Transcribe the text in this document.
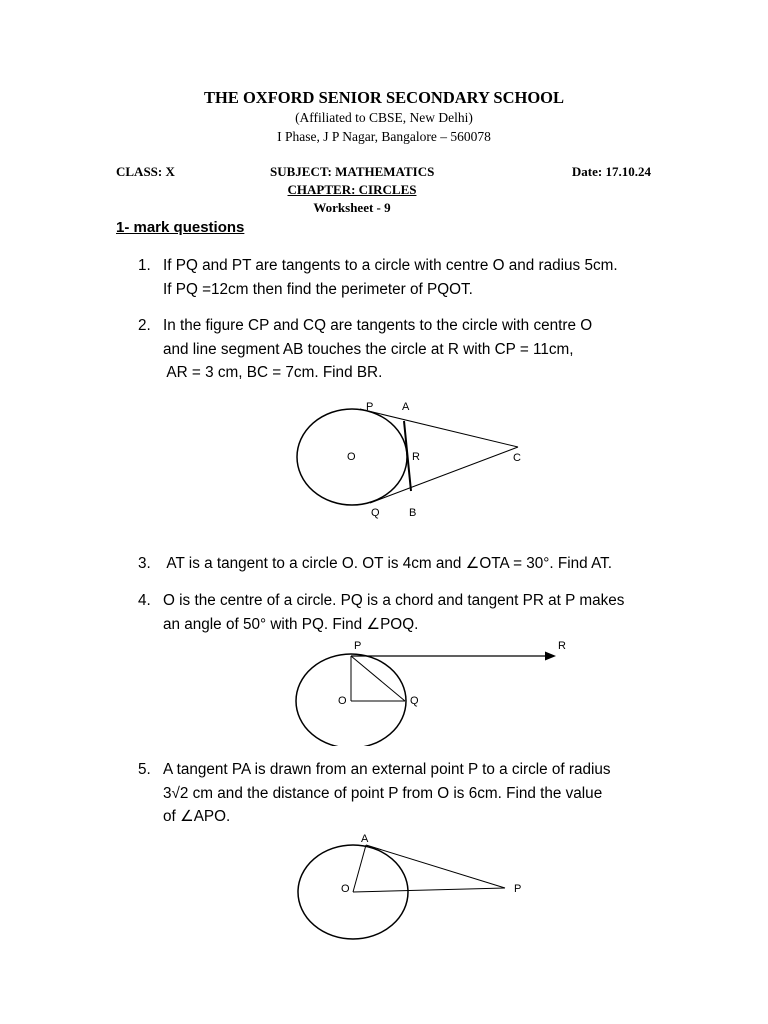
THE OXFORD SENIOR SECONDARY SCHOOL
(Affiliated to CBSE, New Delhi)
I Phase, J P Nagar, Bangalore – 560078
CLASS: X	SUBJECT: MATHEMATICS	Date: 17.10.24
CHAPTER: CIRCLES
Worksheet - 9
1- mark questions
1. If PQ and PT are tangents to a circle with centre O and radius 5cm.
If PQ =12cm then find the perimeter of PQOT.
2. In the figure CP and CQ are tangents to the circle with centre O
and line segment AB touches the circle at R with CP = 11cm,
AR = 3 cm, BC = 7cm. Find BR.
P	A
O	R	C
Q	B
3. AT is a tangent to a circle O. OT is 4cm and ∠OTA = 30°. Find AT.
4. O is the centre of a circle. PQ is a chord and tangent PR at P makes
an angle of 50° with PQ. Find ∠POQ.
P	R
O	Q
5. A tangent PA is drawn from an external point P to a circle of radius
3√2 cm and the distance of point P from O is 6cm. Find the value
of ∠APO.
A
O	P
